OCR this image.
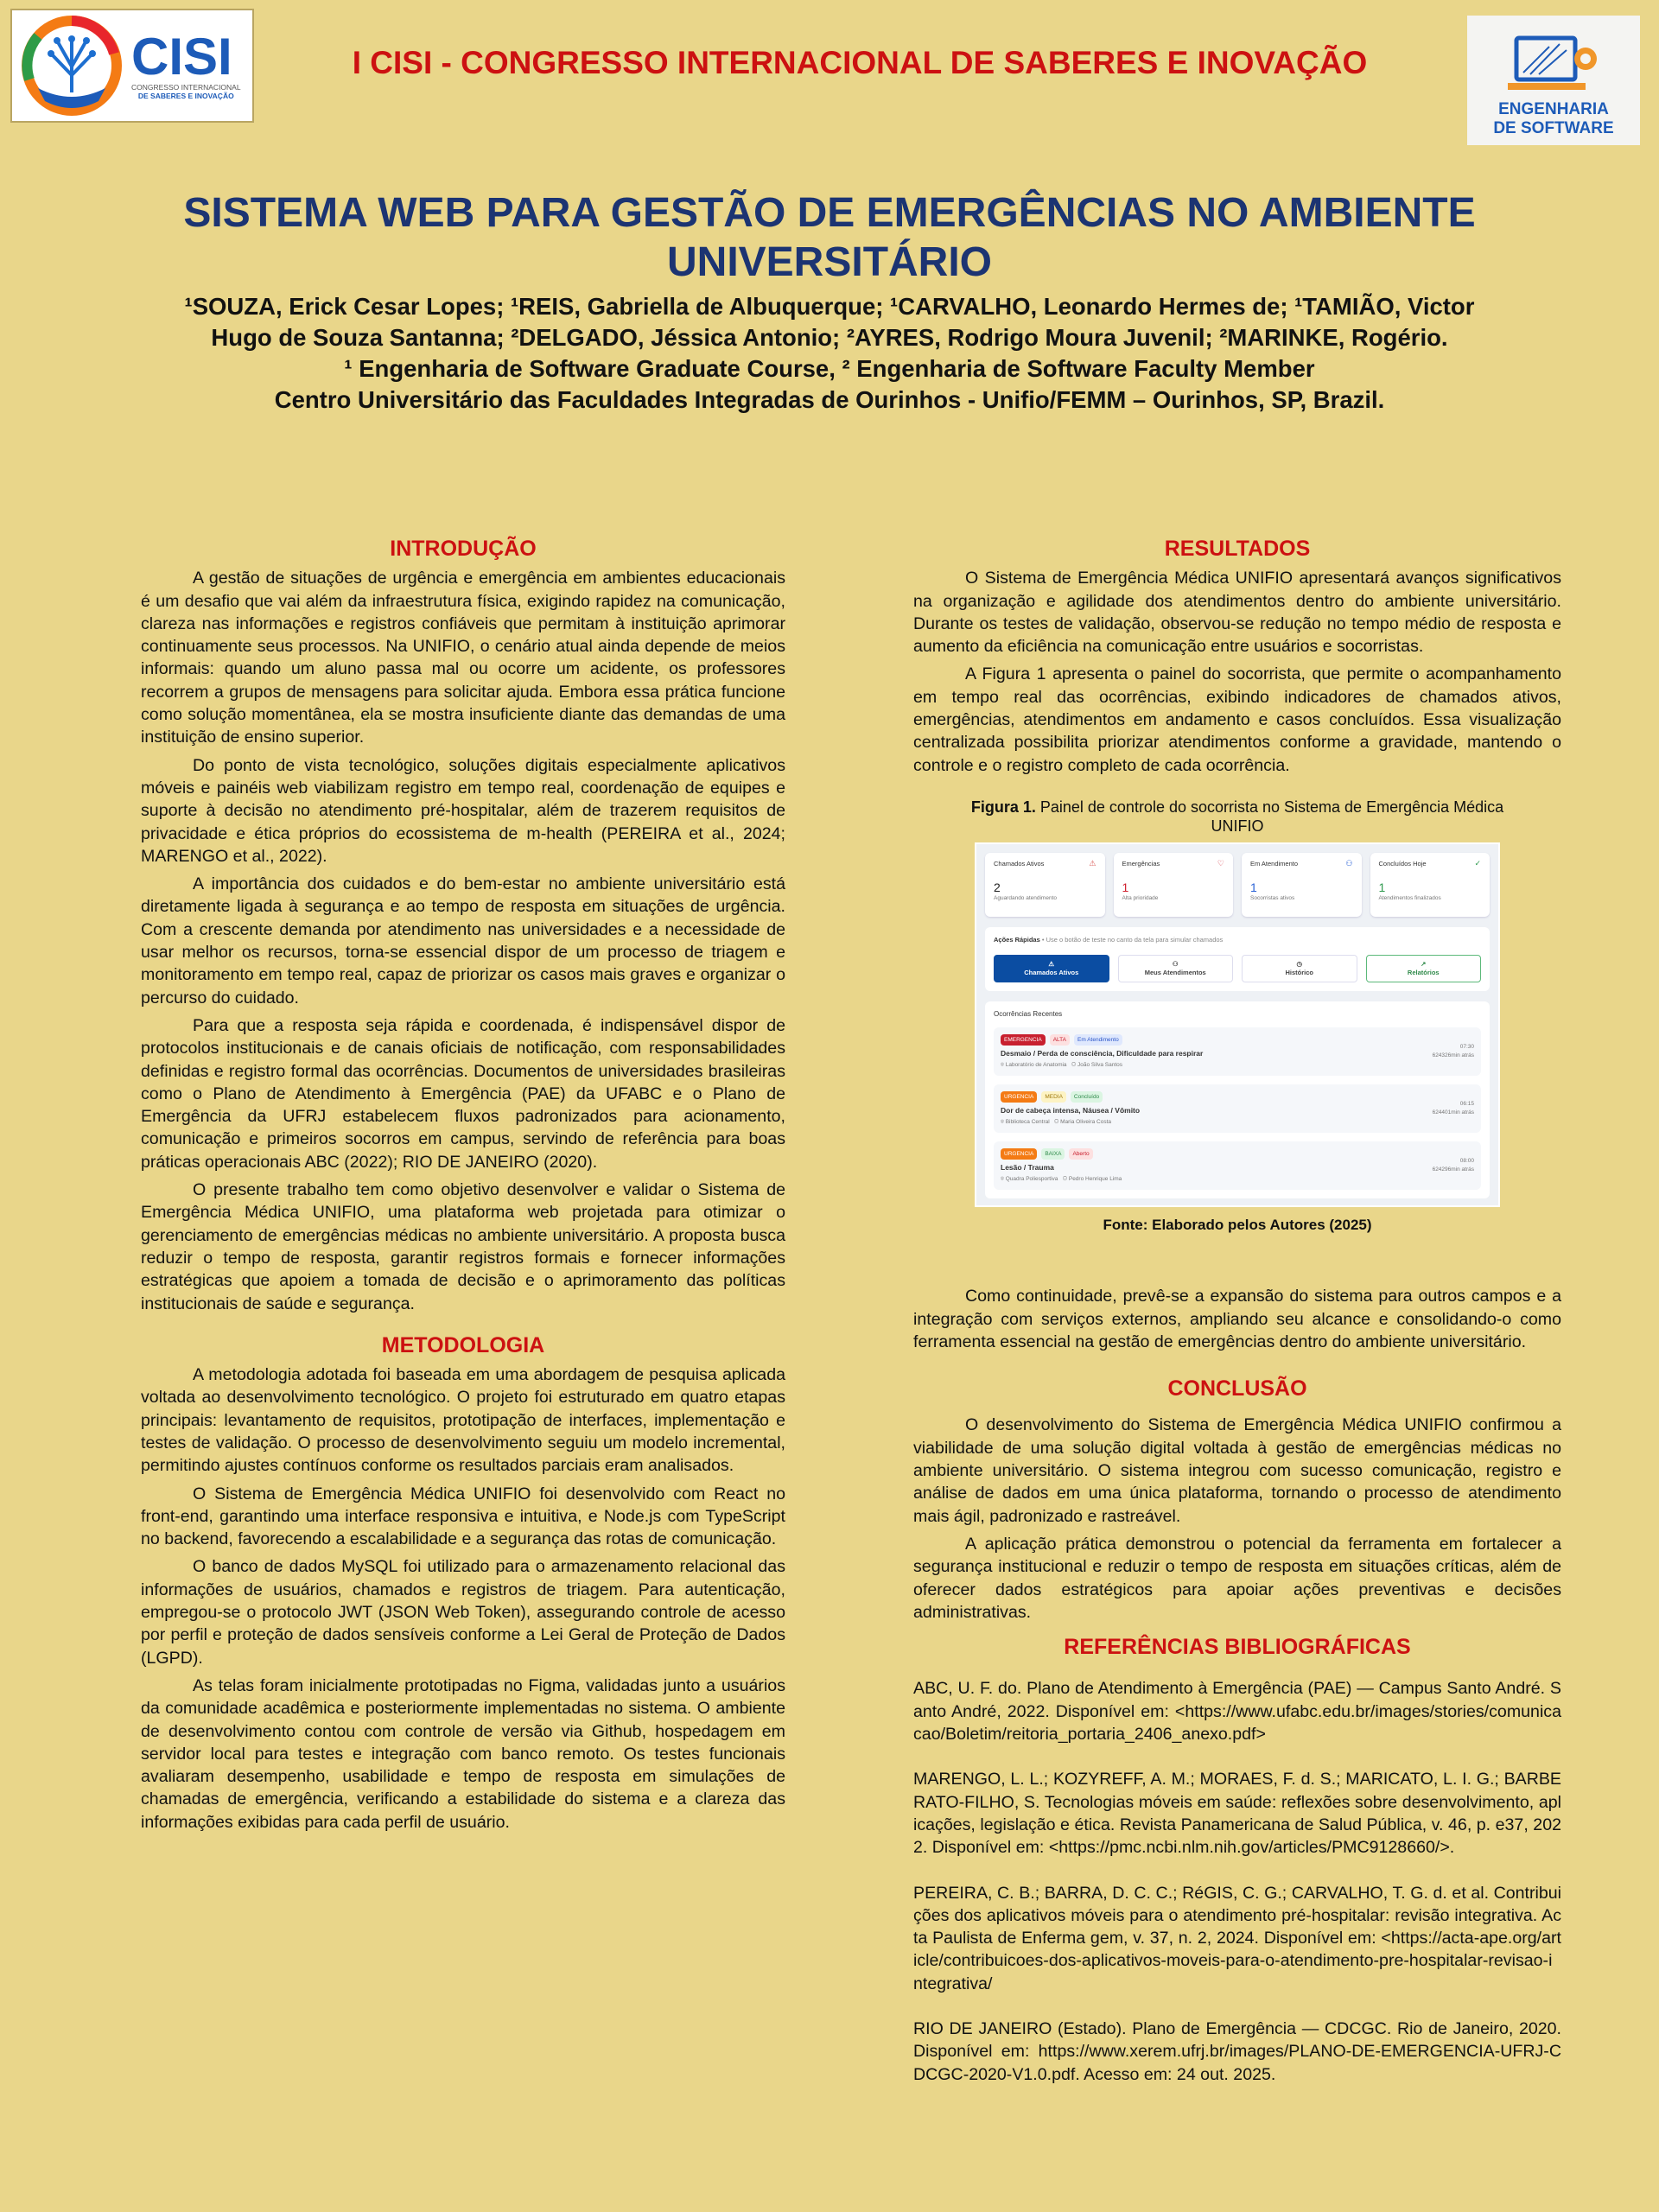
CISI
CONGRESSO INTERNACIONAL
DE SABERES E INOVAÇÃO
I CISI - CONGRESSO INTERNACIONAL DE SABERES E INOVAÇÃO
ENGENHARIA
DE SOFTWARE
SISTEMA WEB PARA GESTÃO DE EMERGÊNCIAS NO AMBIENTE
UNIVERSITÁRIO
¹SOUZA, Erick Cesar Lopes; ¹REIS, Gabriella de Albuquerque; ¹CARVALHO, Leonardo Hermes de; ¹TAMIÃO, Victor
Hugo de Souza Santanna; ²DELGADO, Jéssica Antonio; ²AYRES, Rodrigo Moura Juvenil; ²MARINKE, Rogério.
¹ Engenharia de Software Graduate Course, ² Engenharia de Software Faculty Member
Centro Universitário das Faculdades Integradas de Ourinhos - Unifio/FEMM – Ourinhos, SP, Brazil.
INTRODUÇÃO

A gestão de situações de urgência e emergência em ambientes educacionais é um desafio que vai além da infraestrutura física, exigindo rapidez na comunicação, clareza nas informações e registros confiáveis que permitam à instituição aprimorar continuamente seus processos. Na UNIFIO, o cenário atual ainda depende de meios informais: quando um aluno passa mal ou ocorre um acidente, os professores recorrem a grupos de mensagens para solicitar ajuda. Embora essa prática funcione como solução momentânea, ela se mostra insuficiente diante das demandas de uma instituição de ensino superior.

Do ponto de vista tecnológico, soluções digitais especialmente aplicativos móveis e painéis web viabilizam registro em tempo real, coordenação de equipes e suporte à decisão no atendimento pré-hospitalar, além de trazerem requisitos de privacidade e ética próprios do ecossistema de m-health (PEREIRA et al., 2024; MARENGO et al., 2022).

A importância dos cuidados e do bem-estar no ambiente universitário está diretamente ligada à segurança e ao tempo de resposta em situações de urgência. Com a crescente demanda por atendimento nas universidades e a necessidade de usar melhor os recursos, torna-se essencial dispor de um processo de triagem e monitoramento em tempo real, capaz de priorizar os casos mais graves e organizar o percurso do cuidado.

Para que a resposta seja rápida e coordenada, é indispensável dispor de protocolos institucionais e de canais oficiais de notificação, com responsabilidades definidas e registro formal das ocorrências. Documentos de universidades brasileiras como o Plano de Atendimento à Emergência (PAE) da UFABC e o Plano de Emergência da UFRJ estabelecem fluxos padronizados para acionamento, comunicação e primeiros socorros em campus, servindo de referência para boas práticas operacionais ABC (2022); RIO DE JANEIRO (2020).

O presente trabalho tem como objetivo desenvolver e validar o Sistema de Emergência Médica UNIFIO, uma plataforma web projetada para otimizar o gerenciamento de emergências médicas no ambiente universitário. A proposta busca reduzir o tempo de resposta, garantir registros formais e fornecer informações estratégicas que apoiem a tomada de decisão e o aprimoramento das políticas institucionais de saúde e segurança.

METODOLOGIA

A metodologia adotada foi baseada em uma abordagem de pesquisa aplicada voltada ao desenvolvimento tecnológico. O projeto foi estruturado em quatro etapas principais: levantamento de requisitos, prototipação de interfaces, implementação e testes de validação. O processo de desenvolvimento seguiu um modelo incremental, permitindo ajustes contínuos conforme os resultados parciais eram analisados.

O Sistema de Emergência Médica UNIFIO foi desenvolvido com React no front-end, garantindo uma interface responsiva e intuitiva, e Node.js com TypeScript no backend, favorecendo a escalabilidade e a segurança das rotas de comunicação.

O banco de dados MySQL foi utilizado para o armazenamento relacional das informações de usuários, chamados e registros de triagem. Para autenticação, empregou-se o protocolo JWT (JSON Web Token), assegurando controle de acesso por perfil e proteção de dados sensíveis conforme a Lei Geral de Proteção de Dados (LGPD).

As telas foram inicialmente prototipadas no Figma, validadas junto a usuários da comunidade acadêmica e posteriormente implementadas no sistema. O ambiente de desenvolvimento contou com controle de versão via Github, hospedagem em servidor local para testes e integração com banco remoto. Os testes funcionais avaliaram desempenho, usabilidade e tempo de resposta em simulações de chamadas de emergência, verificando a estabilidade do sistema e a clareza das informações exibidas para cada perfil de usuário.

RESULTADOS

O Sistema de Emergência Médica UNIFIO apresentará avanços significativos na organização e agilidade dos atendimentos dentro do ambiente universitário. Durante os testes de validação, observou-se redução no tempo médio de resposta e aumento da eficiência na comunicação entre usuários e socorristas.

A Figura 1 apresenta o painel do socorrista, que permite o acompanhamento em tempo real das ocorrências, exibindo indicadores de chamados ativos, emergências, atendimentos em andamento e casos concluídos. Essa visualização centralizada possibilita priorizar atendimentos conforme a gravidade, mantendo o controle e o registro completo de cada ocorrência.

Figura 1. Painel de controle do socorrista no Sistema de Emergência Médica UNIFIO
Chamados Ativos	⚠
2
Aguardando atendimento
Emergências	♡
1
Alta prioridade
Em Atendimento	⚇
1
Socorristas ativos
Concluídos Hoje	✓
1
Atendimentos finalizados
Ações Rápidas • Use o botão de teste no canto da tela para simular chamados
⚠
Chamados Ativos
⚇
Meus Atendimentos
◷
Histórico
↗
Relatórios
Ocorrências Recentes
EMERGENCIA ALTA Em Atendimento
Desmaio / Perda de consciência, Dificuldade para respirar
⌾ Laboratório de Anatomia ⚇ João Silva Santos
07:30
624326min atrás
URGENCIA MEDIA Concluído
Dor de cabeça intensa, Náusea / Vômito
⌾ Biblioteca Central ⚇ Maria Oliveira Costa
06:15
624401min atrás
URGENCIA BAIXA Aberto
Lesão / Trauma
⌾ Quadra Poliesportiva ⚇ Pedro Henrique Lima
08:00
624296min atrás
Fonte: Elaborado pelos Autores (2025)

Como continuidade, prevê-se a expansão do sistema para outros campos e a integração com serviços externos, ampliando seu alcance e consolidando-o como ferramenta essencial na gestão de emergências dentro do ambiente universitário.

CONCLUSÃO

O desenvolvimento do Sistema de Emergência Médica UNIFIO confirmou a viabilidade de uma solução digital voltada à gestão de emergências médicas no ambiente universitário. O sistema integrou com sucesso comunicação, registro e análise de dados em uma única plataforma, tornando o processo de atendimento mais ágil, padronizado e rastreável.

A aplicação prática demonstrou o potencial da ferramenta em fortalecer a segurança institucional e reduzir o tempo de resposta em situações críticas, além de oferecer dados estratégicos para apoiar ações preventivas e decisões administrativas.

REFERÊNCIAS BIBLIOGRÁFICAS

ABC, U. F. do. Plano de Atendimento à Emergência (PAE) — Campus Santo André. Santo André, 2022. Disponível em: <https://www.ufabc.edu.br/images/stories/comunicacao/Boletim/reitoria_portaria_2406_anexo.pdf>

MARENGO, L. L.; KOZYREFF, A. M.; MORAES, F. d. S.; MARICATO, L. I. G.; BARBERATO-FILHO, S. Tecnologias móveis em saúde: reflexões sobre desenvolvimento, aplicações, legislação e ética. Revista Panamericana de Salud Pública, v. 46, p. e37, 2022. Disponível em: <https://pmc.ncbi.nlm.nih.gov/articles/PMC9128660/>.

PEREIRA, C. B.; BARRA, D. C. C.; RéGIS, C. G.; CARVALHO, T. G. d. et al. Contribuições dos aplicativos móveis para o atendimento pré-hospitalar: revisão integrativa. Acta Paulista de Enferma gem, v. 37, n. 2, 2024. Disponível em: <https://acta-ape.org/article/contribuicoes-dos-aplicativos-moveis-para-o-atendimento-pre-hospitalar-revisao-integrativa/

RIO DE JANEIRO (Estado). Plano de Emergência — CDCGC. Rio de Janeiro, 2020. Disponível em: https://www.xerem.ufrj.br/images/PLANO-DE-EMERGENCIA-UFRJ-CDCGC-2020-V1.0.pdf. Acesso em: 24 out. 2025.
